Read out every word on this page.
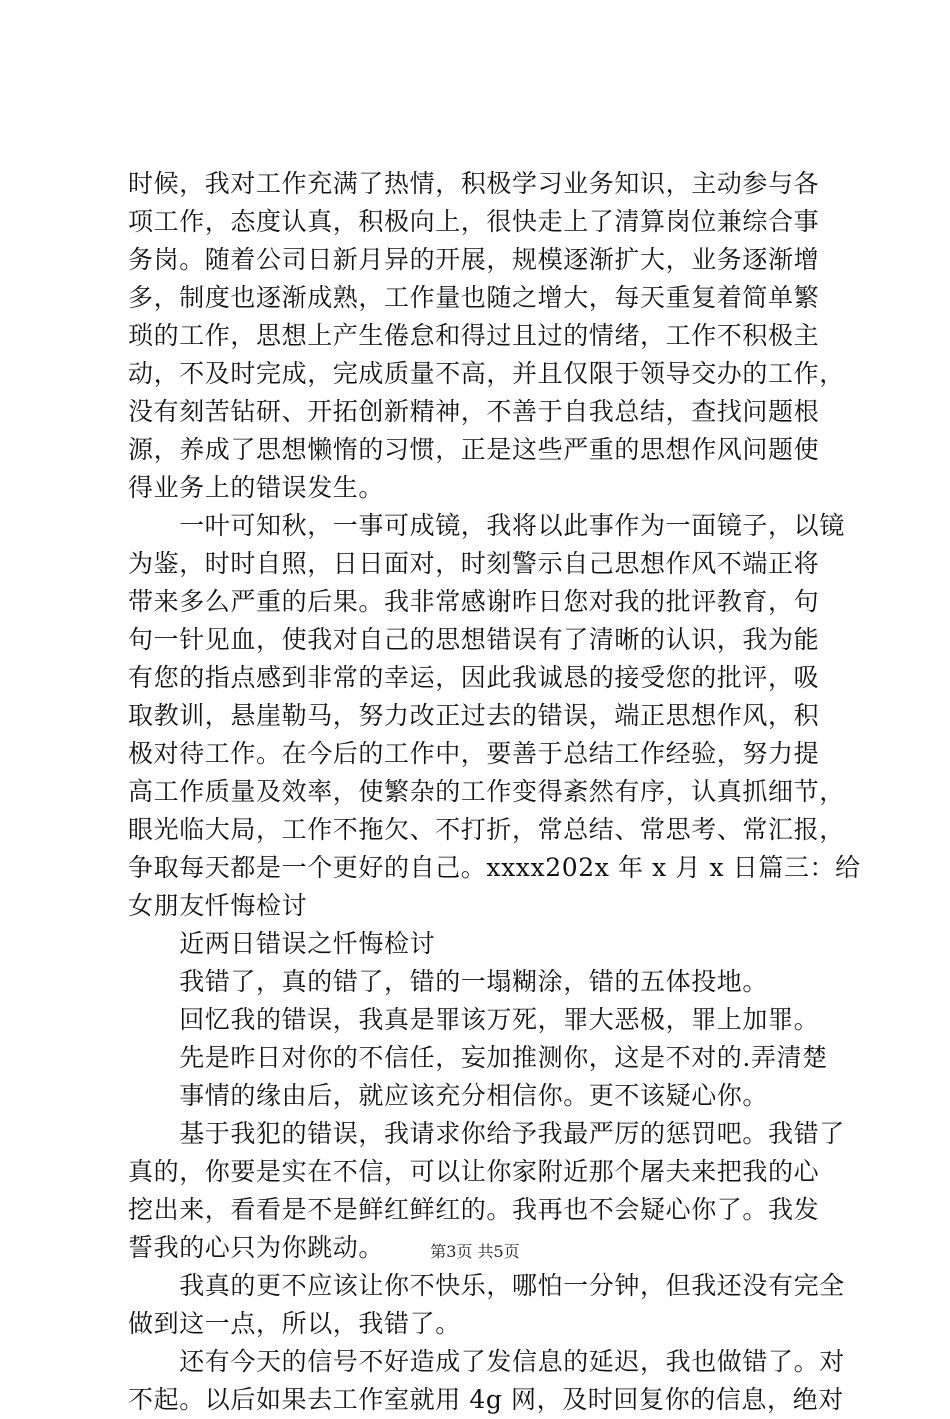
时候，我对工作充满了热情，积极学习业务知识，主动参与各
项工作，态度认真，积极向上，很快走上了清算岗位兼综合事
务岗。随着公司日新月异的开展，规模逐渐扩大，业务逐渐增
多，制度也逐渐成熟，工作量也随之增大，每天重复着简单繁
琐的工作，思想上产生倦怠和得过且过的情绪，工作不积极主
动，不及时完成，完成质量不高，并且仅限于领导交办的工作，
没有刻苦钻研、开拓创新精神，不善于自我总结，查找问题根
源，养成了思想懒惰的习惯，正是这些严重的思想作风问题使
得业务上的错误发生。
　　一叶可知秋，一事可成镜，我将以此事作为一面镜子，以镜
为鉴，时时自照，日日面对，时刻警示自己思想作风不端正将
带来多么严重的后果。我非常感谢昨日您对我的批评教育，句
句一针见血，使我对自己的思想错误有了清晰的认识，我为能
有您的指点感到非常的幸运，因此我诚恳的接受您的批评，吸
取教训，悬崖勒马，努力改正过去的错误，端正思想作风，积
极对待工作。在今后的工作中，要善于总结工作经验，努力提
高工作质量及效率，使繁杂的工作变得紊然有序，认真抓细节，
眼光临大局，工作不拖欠、不打折，常总结、常思考、常汇报，
争取每天都是一个更好的自己。xxxx202x 年 x 月 x 日篇三：给
女朋友忏悔检讨
　　近两日错误之忏悔检讨
　　我错了，真的错了，错的一塌糊涂，错的五体投地。
　　回忆我的错误，我真是罪该万死，罪大恶极，罪上加罪。
　　先是昨日对你的不信任，妄加推测你，这是不对的.弄清楚
　　事情的缘由后，就应该充分相信你。更不该疑心你。
　　基于我犯的错误，我请求你给予我最严厉的惩罚吧。我错了
真的，你要是实在不信，可以让你家附近那个屠夫来把我的心
挖出来，看看是不是鲜红鲜红的。我再也不会疑心你了。我发
誓我的心只为你跳动。
　　我真的更不应该让你不快乐，哪怕一分钟，但我还没有完全
做到这一点，所以，我错了。
　　还有今天的信号不好造成了发信息的延迟，我也做错了。对
不起。以后如果去工作室就用 4g 网，及时回复你的信息，绝对
第3页 共5页
